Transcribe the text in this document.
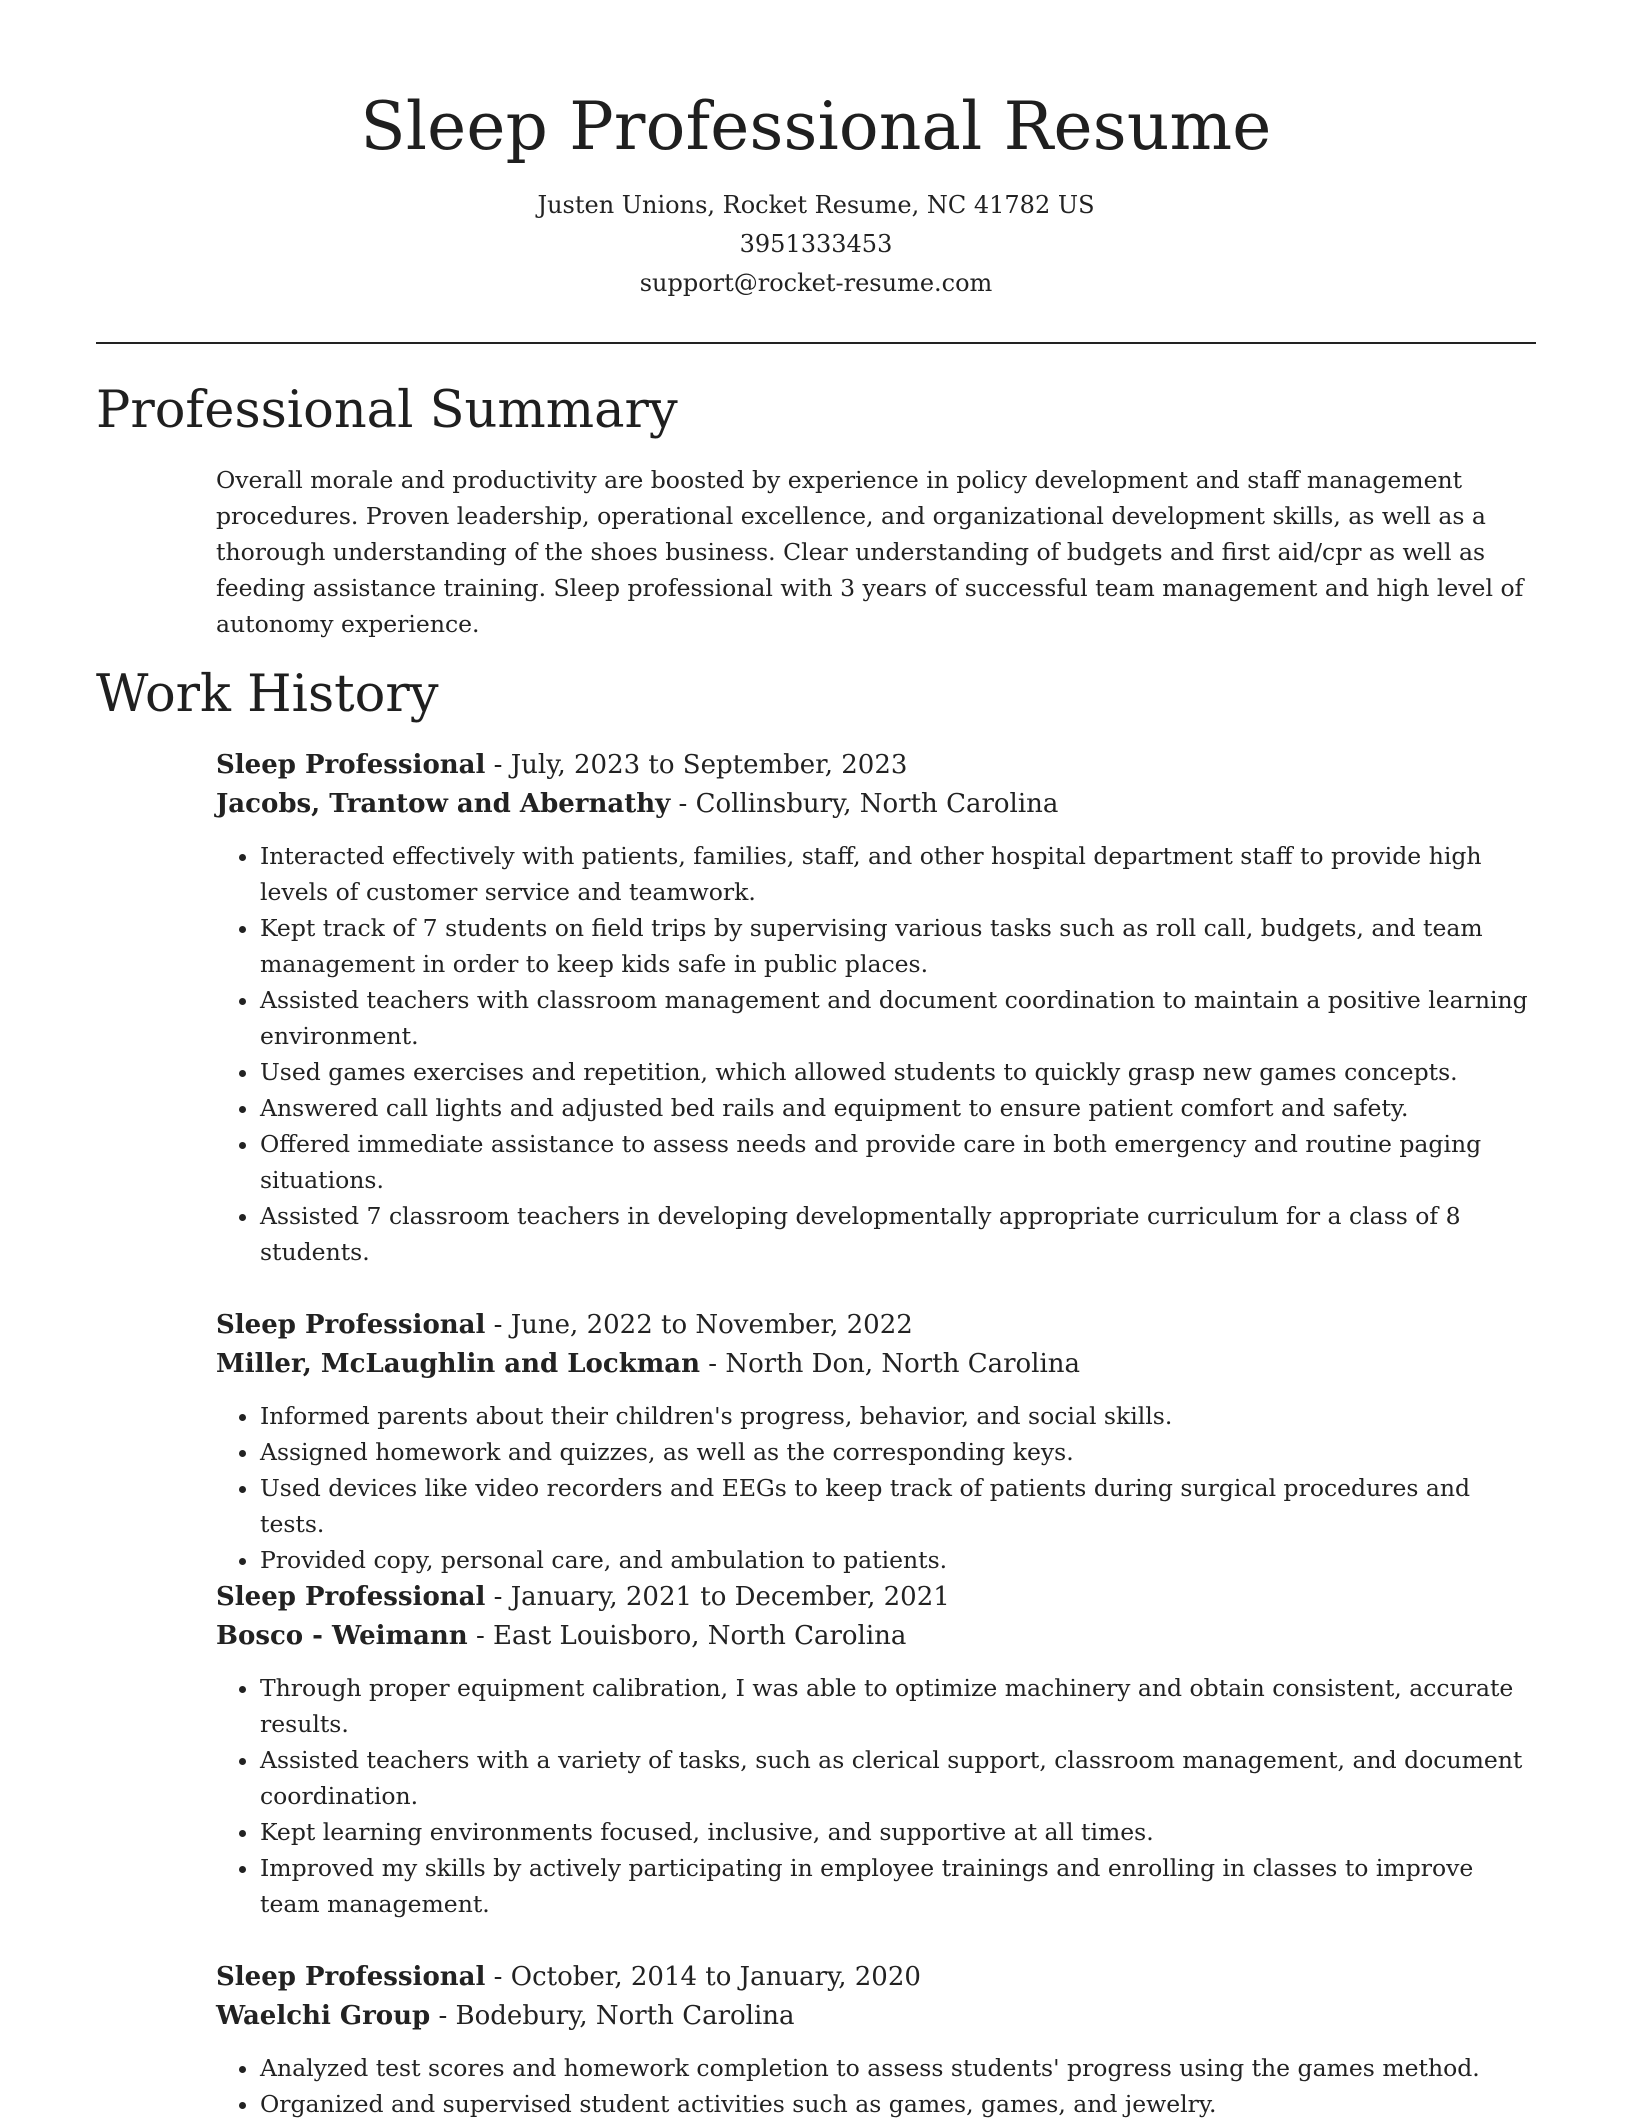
Sleep Professional Resume

Justen Unions, Rocket Resume, NC 41782 US

3951333453

support@rocket-resume.com

Professional Summary

Overall morale and productivity are boosted by experience in policy development and staff management procedures. Proven leadership, operational excellence, and organizational development skills, as well as a thorough understanding of the shoes business. Clear understanding of budgets and first aid/cpr as well as feeding assistance training. Sleep professional with 3 years of successful team management and high level of autonomy experience.

Work History

Sleep Professional - July, 2023 to September, 2023

Jacobs, Trantow and Abernathy - Collinsbury, North Carolina

• Interacted effectively with patients, families, staff, and other hospital department staff to provide high levels of customer service and teamwork.
• Kept track of 7 students on field trips by supervising various tasks such as roll call, budgets, and team management in order to keep kids safe in public places.
• Assisted teachers with classroom management and document coordination to maintain a positive learning environment.
• Used games exercises and repetition, which allowed students to quickly grasp new games concepts.
• Answered call lights and adjusted bed rails and equipment to ensure patient comfort and safety.
• Offered immediate assistance to assess needs and provide care in both emergency and routine paging situations.
• Assisted 7 classroom teachers in developing developmentally appropriate curriculum for a class of 8 students.

Sleep Professional - June, 2022 to November, 2022

Miller, McLaughlin and Lockman - North Don, North Carolina

• Informed parents about their children's progress, behavior, and social skills.
• Assigned homework and quizzes, as well as the corresponding keys.
• Used devices like video recorders and EEGs to keep track of patients during surgical procedures and tests.
• Provided copy, personal care, and ambulation to patients.

Sleep Professional - January, 2021 to December, 2021

Bosco - Weimann - East Louisboro, North Carolina

• Through proper equipment calibration, I was able to optimize machinery and obtain consistent, accurate results.
• Assisted teachers with a variety of tasks, such as clerical support, classroom management, and document coordination.
• Kept learning environments focused, inclusive, and supportive at all times.
• Improved my skills by actively participating in employee trainings and enrolling in classes to improve team management.

Sleep Professional - October, 2014 to January, 2020

Waelchi Group - Bodebury, North Carolina

• Analyzed test scores and homework completion to assess students' progress using the games method.
• Organized and supervised student activities such as games, games, and jewelry.
